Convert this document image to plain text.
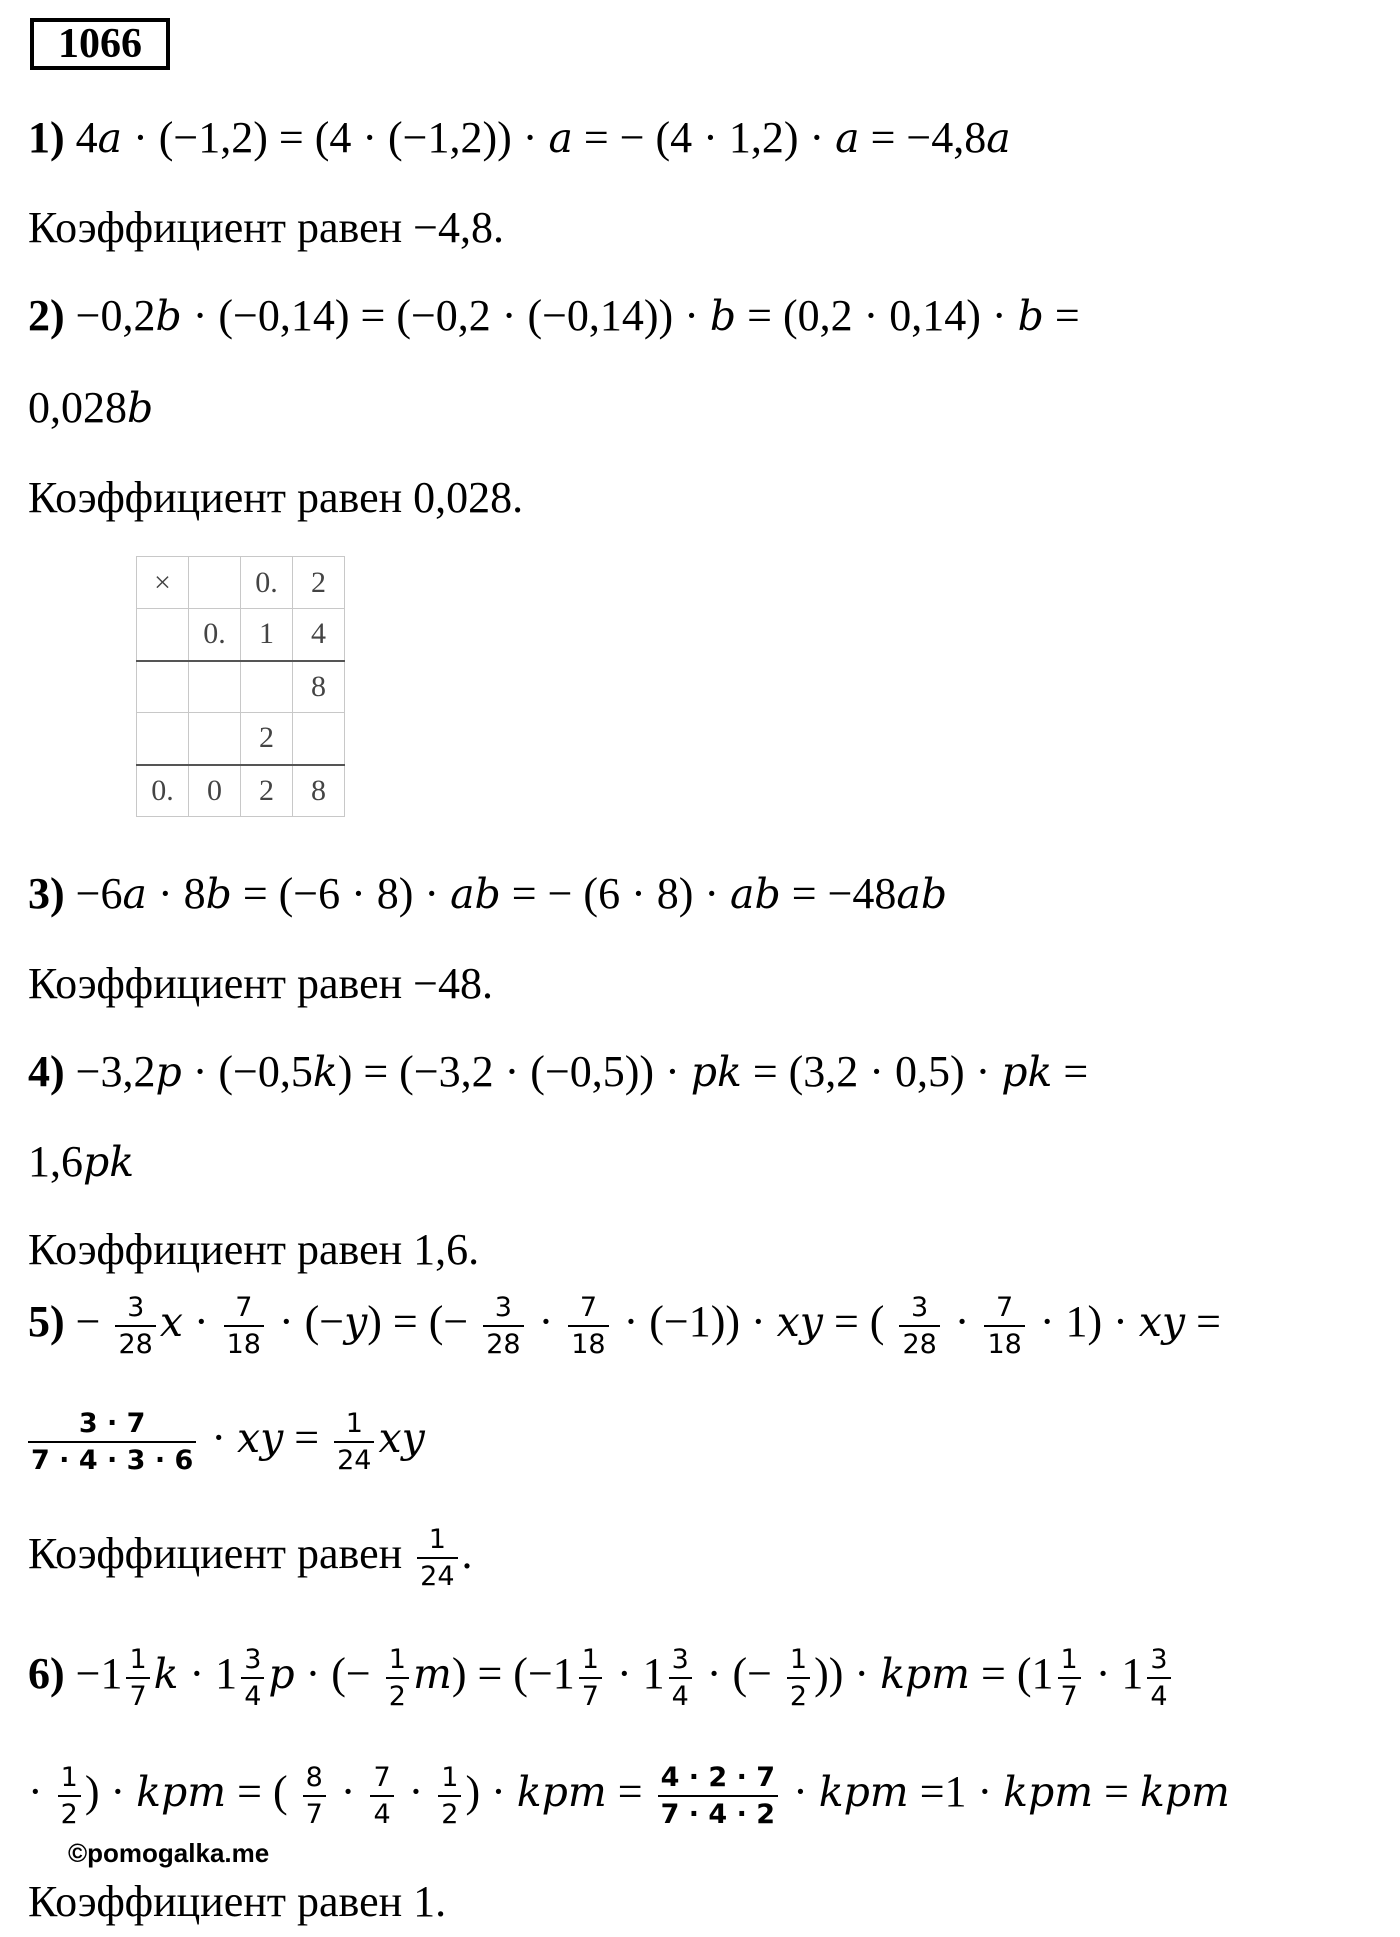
1066
1) 4a · (−1,2) = (4 · (−1,2)) · a = − (4 · 1,2) · a = −4,8a
Коэффициент равен −4,8.
2) −0,2b · (−0,14) = (−0,2 · (−0,14)) · b = (0,2 · 0,14) · b =
0,028b
Коэффициент равен 0,028.
×		0.	2
	0.	1	4
			8
		2	
0.	0	2	8
3) −6a · 8b = (−6 · 8) · ab = − (6 · 8) · ab = −48ab
Коэффициент равен −48.
4) −3,2p · (−0,5k) = (−3,2 · (−0,5)) · pk = (3,2 · 0,5) · pk =
1,6pk
Коэффициент равен 1,6.
$5) - \frac{3}{28}$ $x \cdot \frac{7}{18} \cdot (-y)$ = (− $\frac{3}{28} \cdot \frac{7}{18} \cdot (-1)$) · xy = ( $\frac{3}{28} \cdot \frac{7}{18} \cdot 1$) · xy =
$\frac{3 \cdot 7}{7 \cdot 4 \cdot 3 \cdot 6}$ · xy = $\frac{1}{24}$ xy
Коэффициент равен $\frac{1}{24}$ .
$6) -1 \frac{1}{7}$ $k \cdot 1 \frac{3}{4}$ p · (− $\frac{1}{2} m) = (-1 \frac{1}{7} \cdot 1 \frac{3}{4}$ · (− $\frac{1}{2}$ )) · kpm = ($1 \frac{1}{7} \cdot 1 \frac{3}{4}$
· $\frac{1}{2}$ ) · kpm = ( $\frac{8}{7} \cdot \frac{7}{4} \cdot \frac{1}{2}$ ) · kpm = $\frac{4 \cdot 2 \cdot 7}{7 \cdot 4 \cdot 2}$ · kpm =1 · kpm = kpm
©pomogalka.me
Коэффициент равен 1.
